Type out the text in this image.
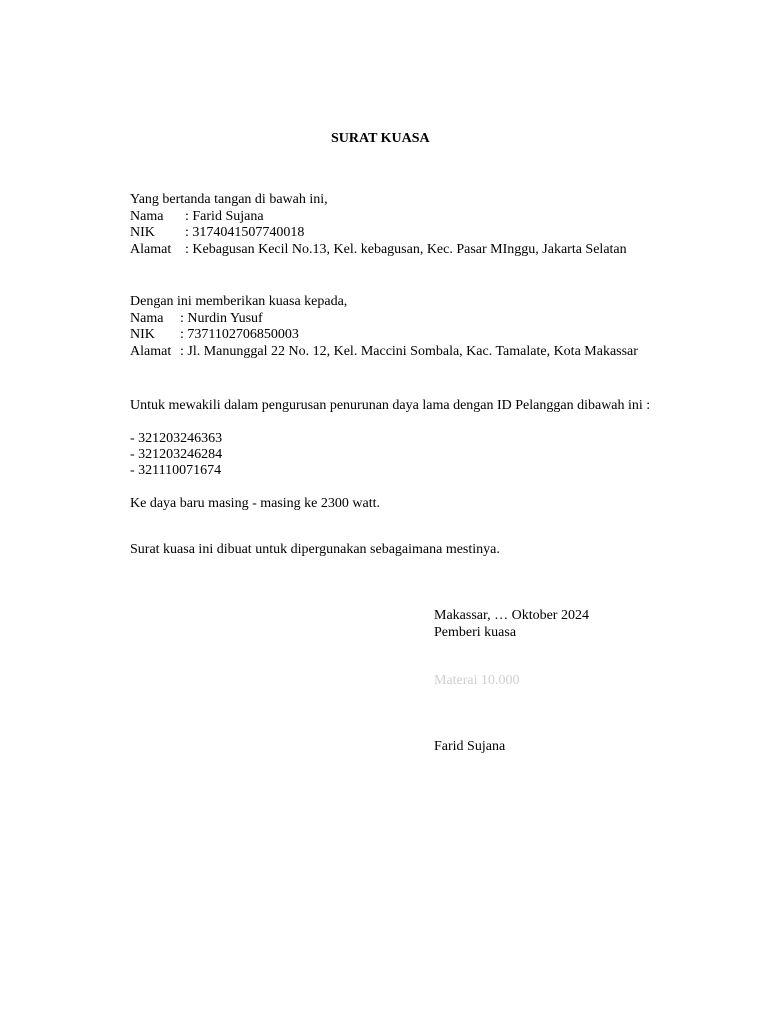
SURAT KUASA
Yang bertanda tangan di bawah ini,
Nama : Farid Sujana
NIK : 3174041507740018
Alamat : Kebagusan Kecil No.13, Kel. kebagusan, Kec. Pasar MInggu, Jakarta Selatan
Dengan ini memberikan kuasa kepada,
Nama : Nurdin Yusuf
NIK : 7371102706850003
Alamat : Jl. Manunggal 22 No. 12, Kel. Maccini Sombala, Kac. Tamalate, Kota Makassar
Untuk mewakili dalam pengurusan penurunan daya lama dengan ID Pelanggan dibawah ini :
- 321203246363
- 321203246284
- 321110071674
Ke daya baru masing - masing ke 2300 watt.
Surat kuasa ini dibuat untuk dipergunakan sebagaimana mestinya.
Makassar, … Oktober 2024
Pemberi kuasa
Materai 10.000
Farid Sujana
